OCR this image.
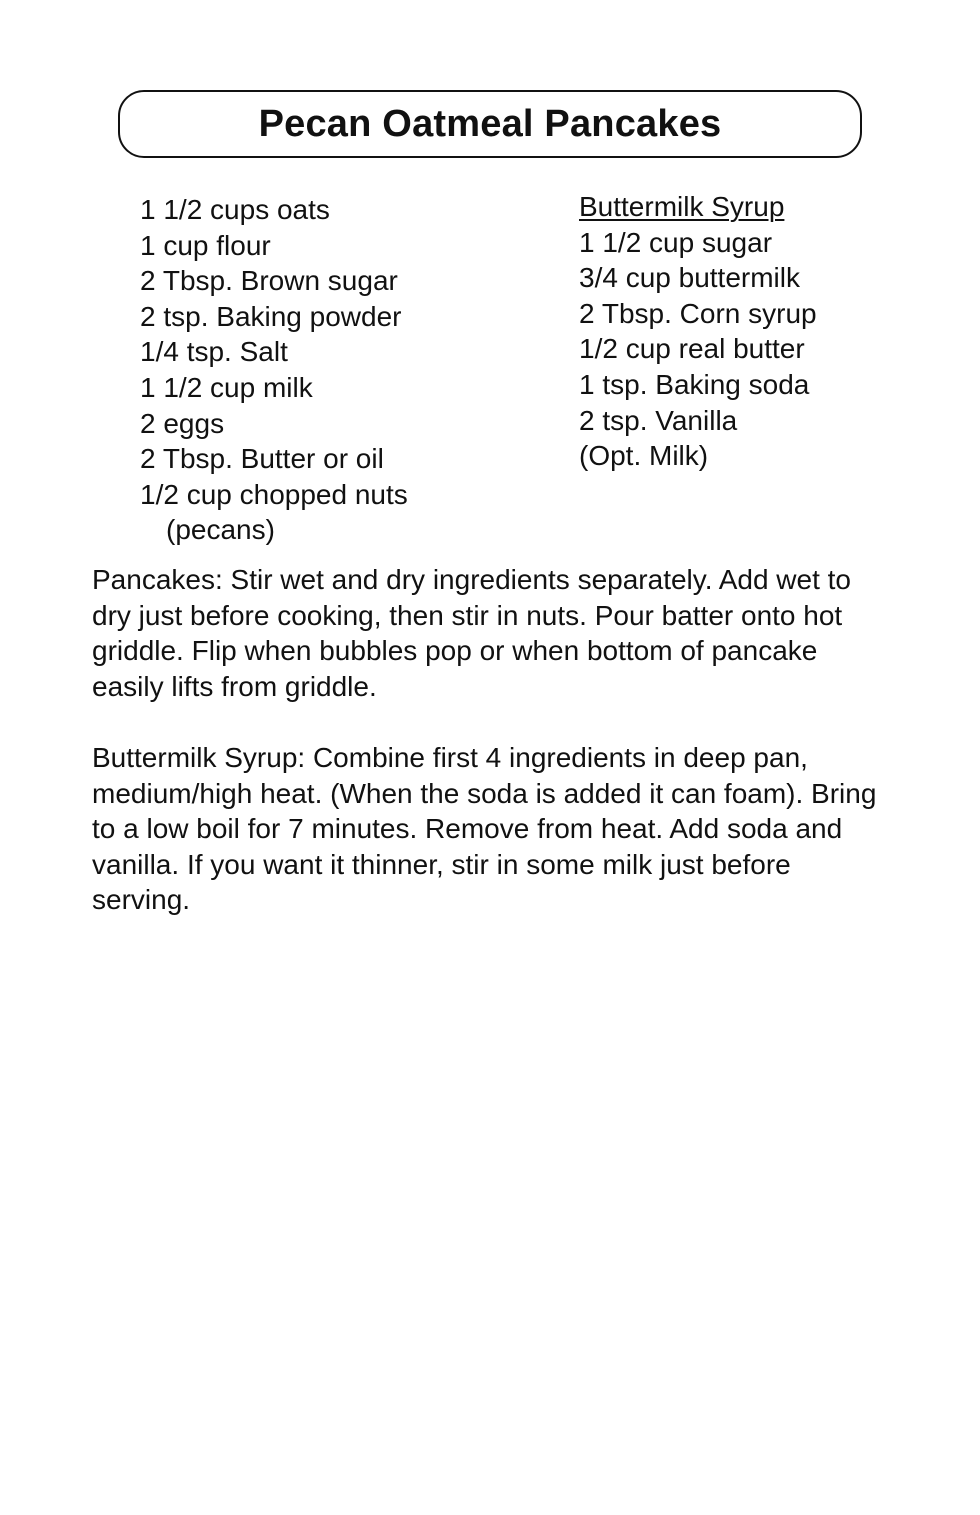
Pecan Oatmeal Pancakes
1 1/2 cups oats
1 cup flour
2 Tbsp. Brown sugar
2 tsp. Baking powder
1/4 tsp. Salt
1 1/2 cup milk
2 eggs
2 Tbsp. Butter or oil
1/2 cup chopped nuts
(pecans)
Buttermilk Syrup
1 1/2 cup sugar
3/4 cup buttermilk
2 Tbsp. Corn syrup
1/2 cup real butter
1 tsp. Baking soda
2 tsp. Vanilla
(Opt. Milk)

Pancakes: Stir wet and dry ingredients separately. Add wet to dry just before cooking, then stir in nuts. Pour batter onto hot griddle. Flip when bubbles pop or when bottom of pancake easily lifts from griddle.

Buttermilk Syrup: Combine first 4 ingredients in deep pan, medium/high heat. (When the soda is added it can foam). Bring to a low boil for 7 minutes. Remove from heat. Add soda and vanilla. If you want it thinner, stir in some milk just before serving.
